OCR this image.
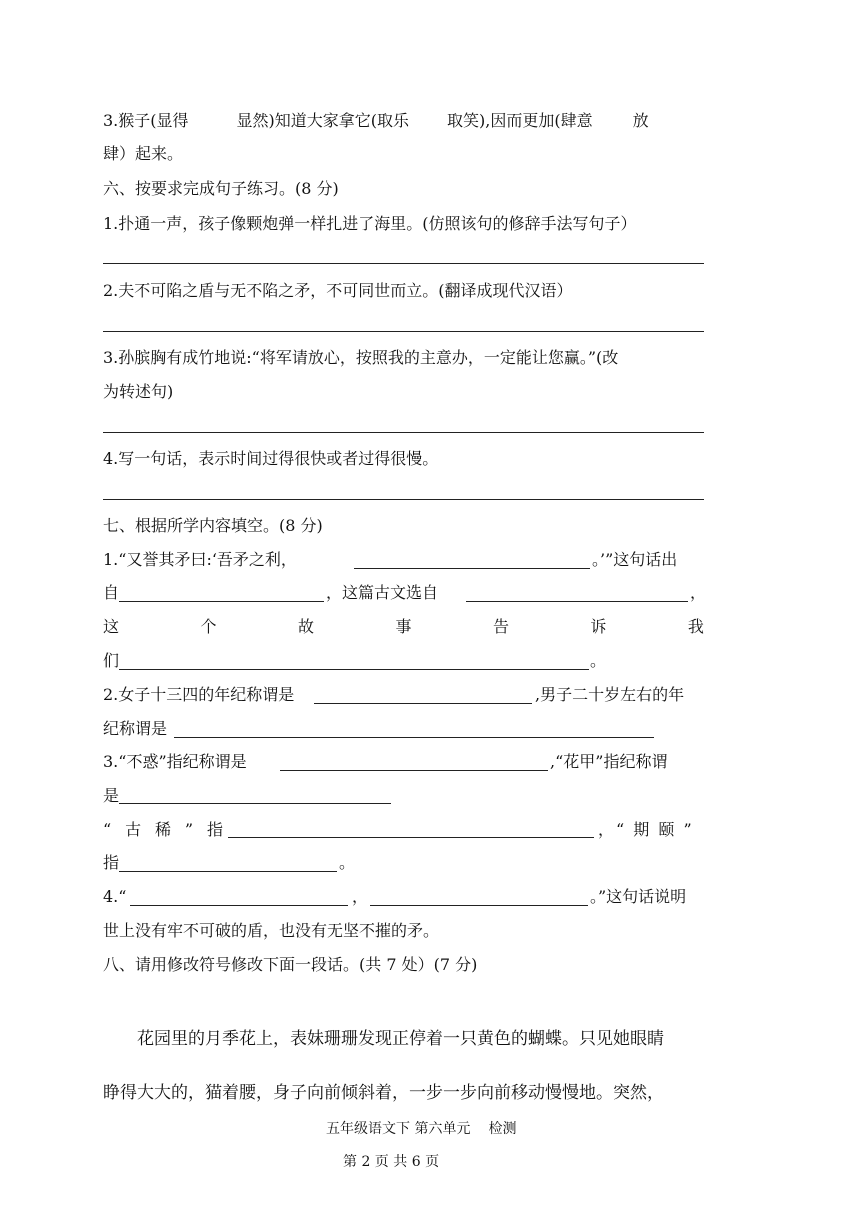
3.猴子(显得	显然)知道大家拿它(取乐 取笑),因而更加(肆意	放
肆）起来。
六、按要求完成句子练习。(8 分)
1.扑通一声，孩子像颗炮弹一样扎进了海里。(仿照该句的修辞手法写句子）
2.夫不可陷之盾与无不陷之矛，不可同世而立。(翻译成现代汉语）
3.孙膑胸有成竹地说:“将军请放心，按照我的主意办，一定能让您赢。”(改
为转述句)
4.写一句话，表示时间过得很快或者过得很慢。
七、根据所学内容填空。(8 分)
1.“又誉其矛曰:‘吾矛之利，	。’”这句话出
自	，这篇古文选自	，
这	个	故	事	告	诉	我
们	。
2.女子十三四的年纪称谓是	,男子二十岁左右的年
纪称谓是
3.“不惑”指纪称谓是	,“花甲”指纪称谓
是
“ 古 稀 ” 指	，“ 期 颐 ”
指	。
4.“	，	。”这句话说明
世上没有牢不可破的盾，也没有无坚不摧的矛。
八、请用修改符号修改下面一段话。(共 7 处）(7 分)
花园里的月季花上，表妹珊珊发现正停着一只黄色的蝴蝶。只见她眼睛
睁得大大的，猫着腰，身子向前倾斜着，一步一步向前移动慢慢地。突然，
五年级语文下 第六单元 检测
第 2 页 共 6 页
